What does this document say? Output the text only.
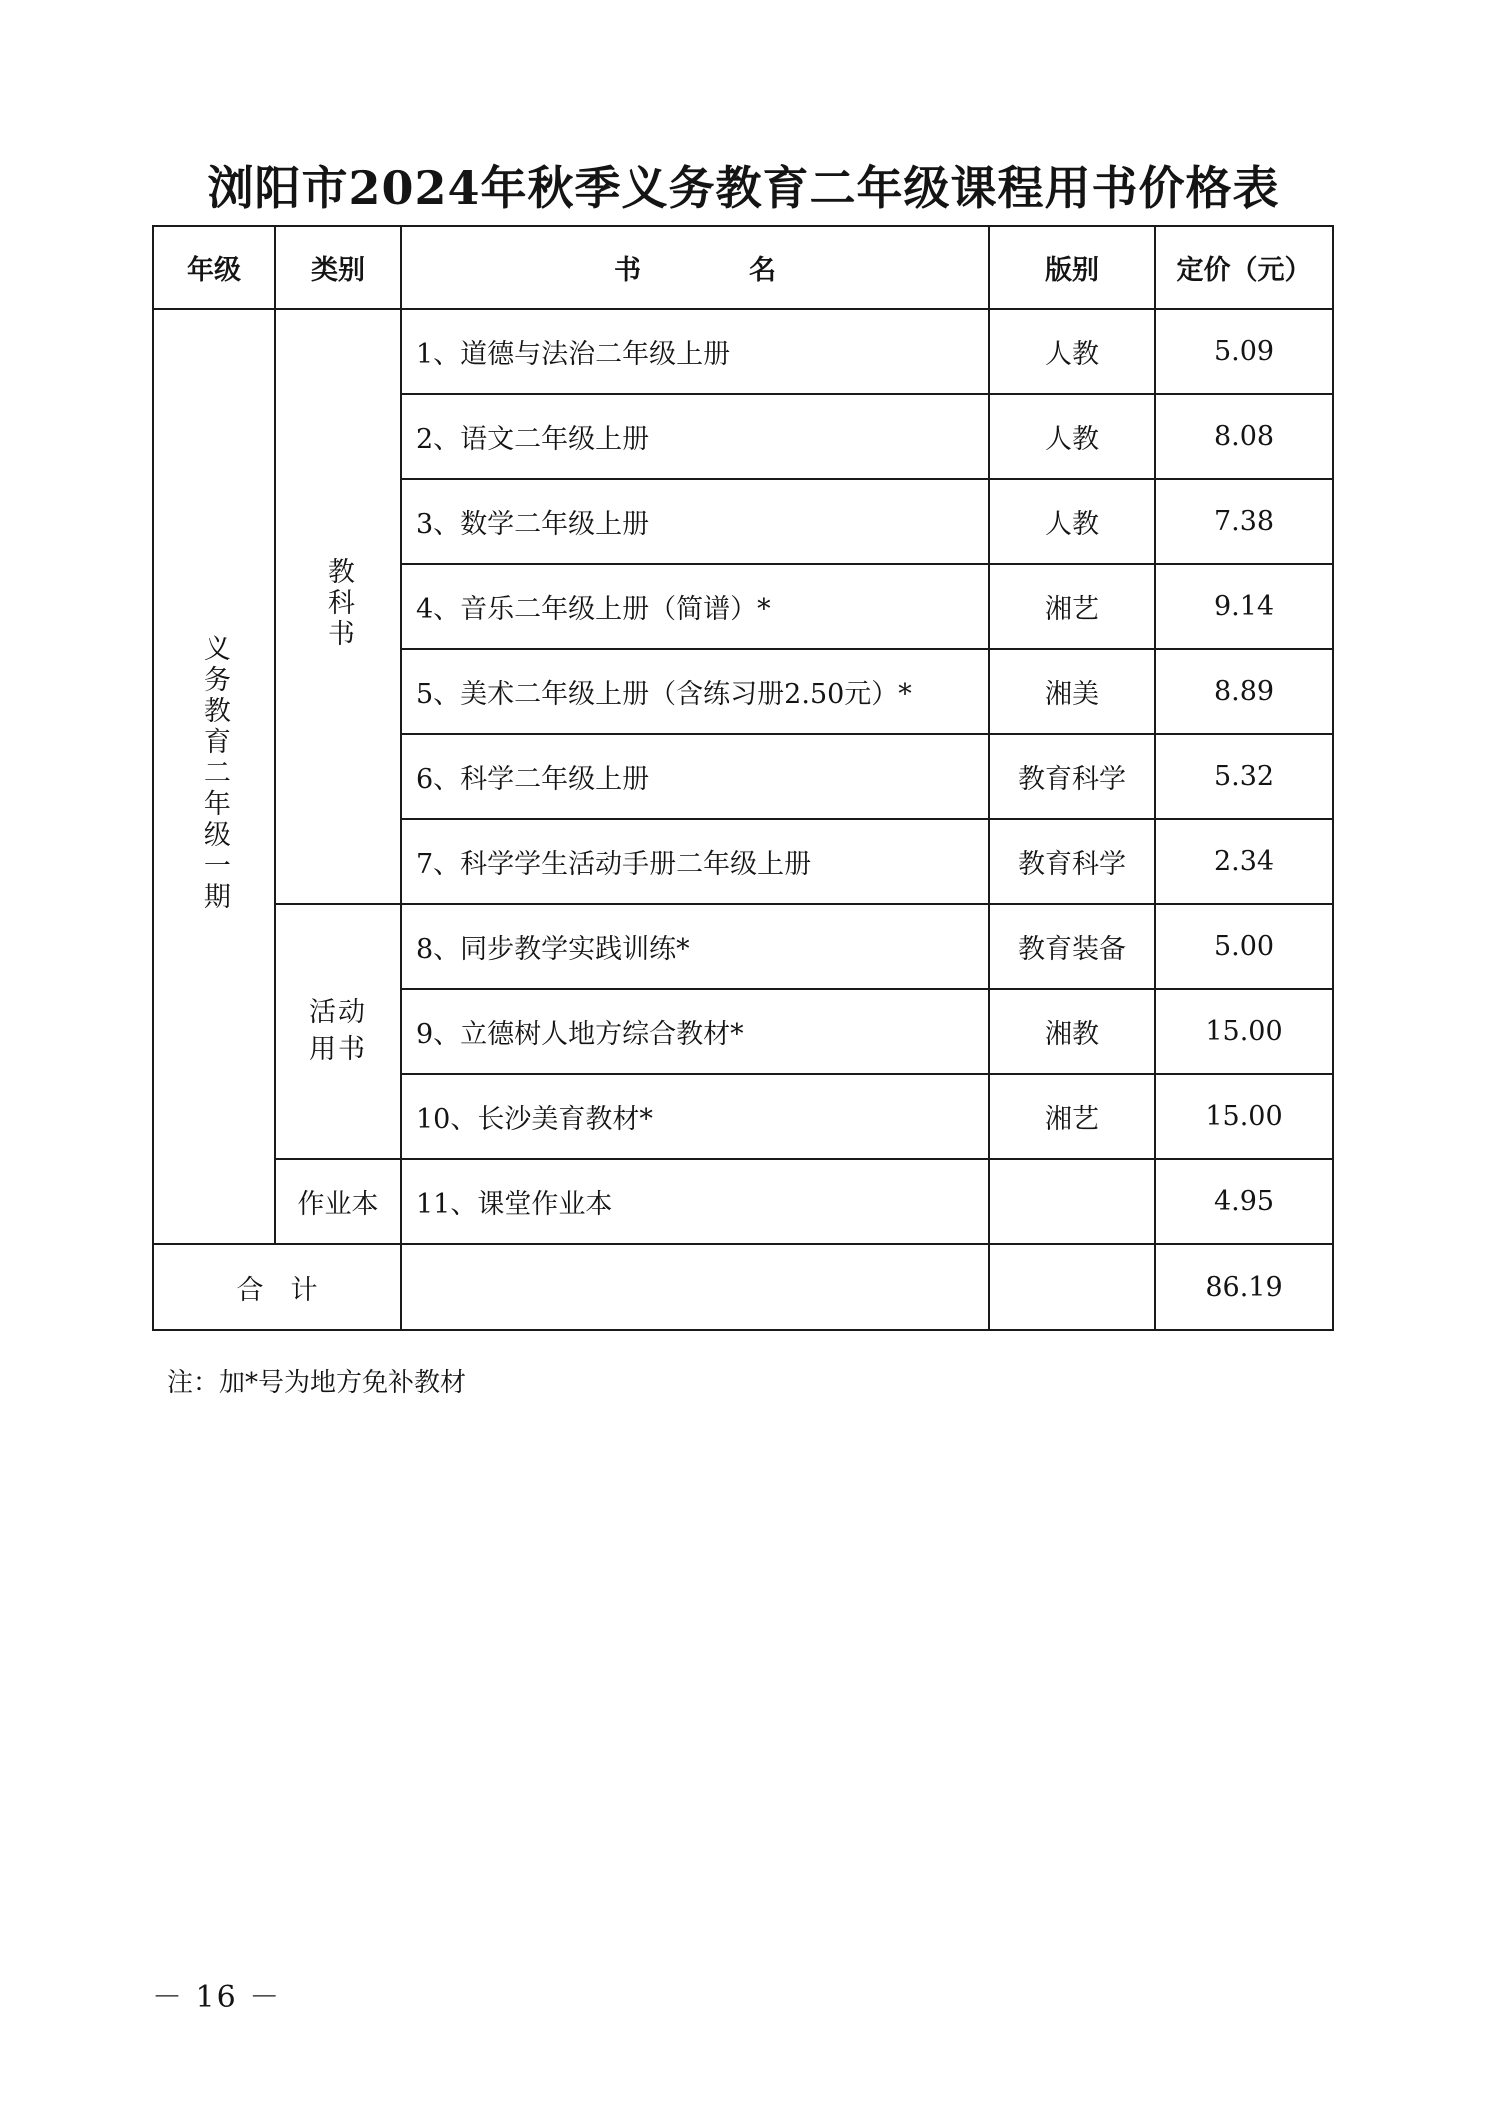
浏阳市2024年秋季义务教育二年级课程用书价格表
年级	类别	书　　　　名	版别	定价（元）
义务教育二年级一期	教科书	1、道德与法治二年级上册	人教	5.09
		2、语文二年级上册	人教	8.08
		3、数学二年级上册	人教	7.38
		4、音乐二年级上册（简谱）*	湘艺	9.14
		5、美术二年级上册（含练习册2.50元）*	湘美	8.89
		6、科学二年级上册	教育科学	5.32
		7、科学学生活动手册二年级上册	教育科学	2.34
	活动用书	8、同步教学实践训练*	教育装备	5.00
		9、立德树人地方综合教材*	湘教	15.00
		10、长沙美育教材*	湘艺	15.00
	作业本	11、课堂作业本		4.95
合　计				86.19
注：加*号为地方免补教材
－ 16 －
